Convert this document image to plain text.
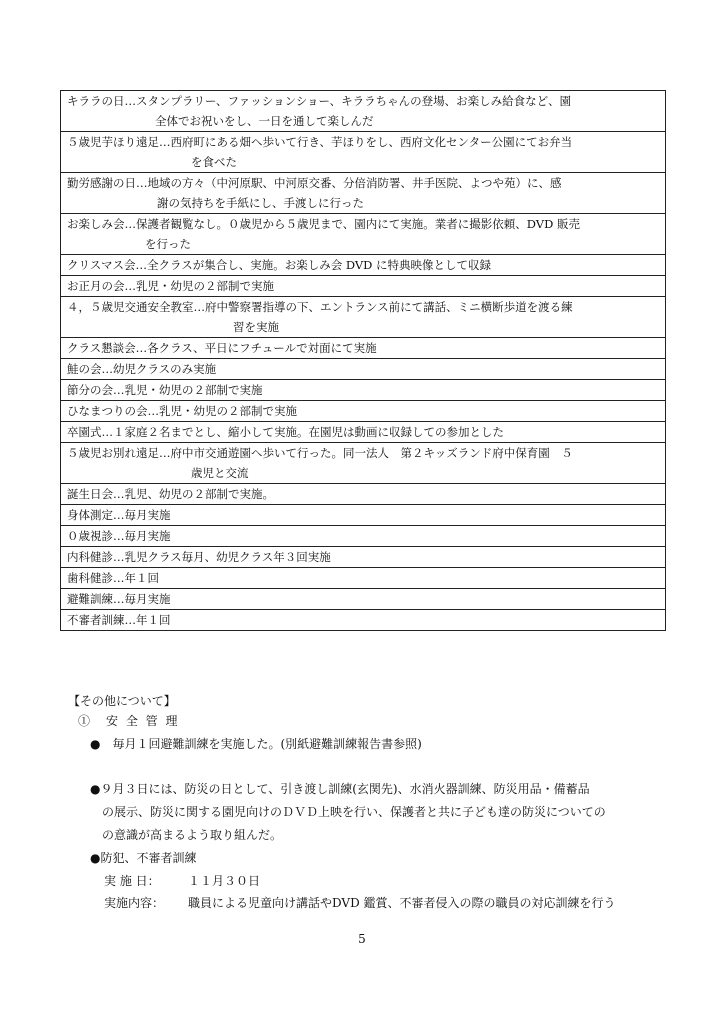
キララの日…スタンプラリー、ファッションショー、キララちゃんの登場、お楽しみ給食など、園
全体でお祝いをし、一日を通して楽しんだ

５歳児芋ほり遠足…西府町にある畑へ歩いて行き、芋ほりをし、西府文化センター公園にてお弁当
を食べた

勤労感謝の日…地域の方々（中河原駅、中河原交番、分倍消防署、井手医院、よつや苑）に、感
謝の気持ちを手紙にし、手渡しに行った

お楽しみ会…保護者観覧なし。０歳児から５歳児まで、園内にて実施。業者に撮影依頼、DVD 販売
を行った

クリスマス会…全クラスが集合し、実施。お楽しみ会 DVD に特典映像として収録

お正月の会…乳児・幼児の２部制で実施

４，５歳児交通安全教室…府中警察署指導の下、エントランス前にて講話、ミニ横断歩道を渡る練
習を実施

クラス懇談会…各クラス、平日にフチュールで対面にて実施

鮭の会…幼児クラスのみ実施

節分の会…乳児・幼児の２部制で実施

ひなまつりの会…乳児・幼児の２部制で実施

卒園式…１家庭２名までとし、縮小して実施。在園児は動画に収録しての参加とした

５歳児お別れ遠足…府中市交通遊園へ歩いて行った。同一法人　第２キッズランド府中保育園　５
歳児と交流

誕生日会…乳児、幼児の２部制で実施。

身体測定…毎月実施

０歳視診…毎月実施

内科健診…乳児クラス毎月、幼児クラス年３回実施

歯科健診…年１回

避難訓練…毎月実施

不審者訓練…年１回
【その他について】
①　安 全 管 理
●　毎月１回避難訓練を実施した。(別紙避難訓練報告書参照)
●９月３日には、防災の日として、引き渡し訓練(玄関先)、水消火器訓練、防災用品・備蓄品
の展示、防災に関する園児向けのＤＶＤ上映を行い、保護者と共に子ども達の防災についての
の意識が高まるよう取り組んだ。
●防犯、不審者訓練
実 施 日： １１月３０日
実施内容： 職員による児童向け講話やDVD 鑑賞、不審者侵入の際の職員の対応訓練を行う
5
